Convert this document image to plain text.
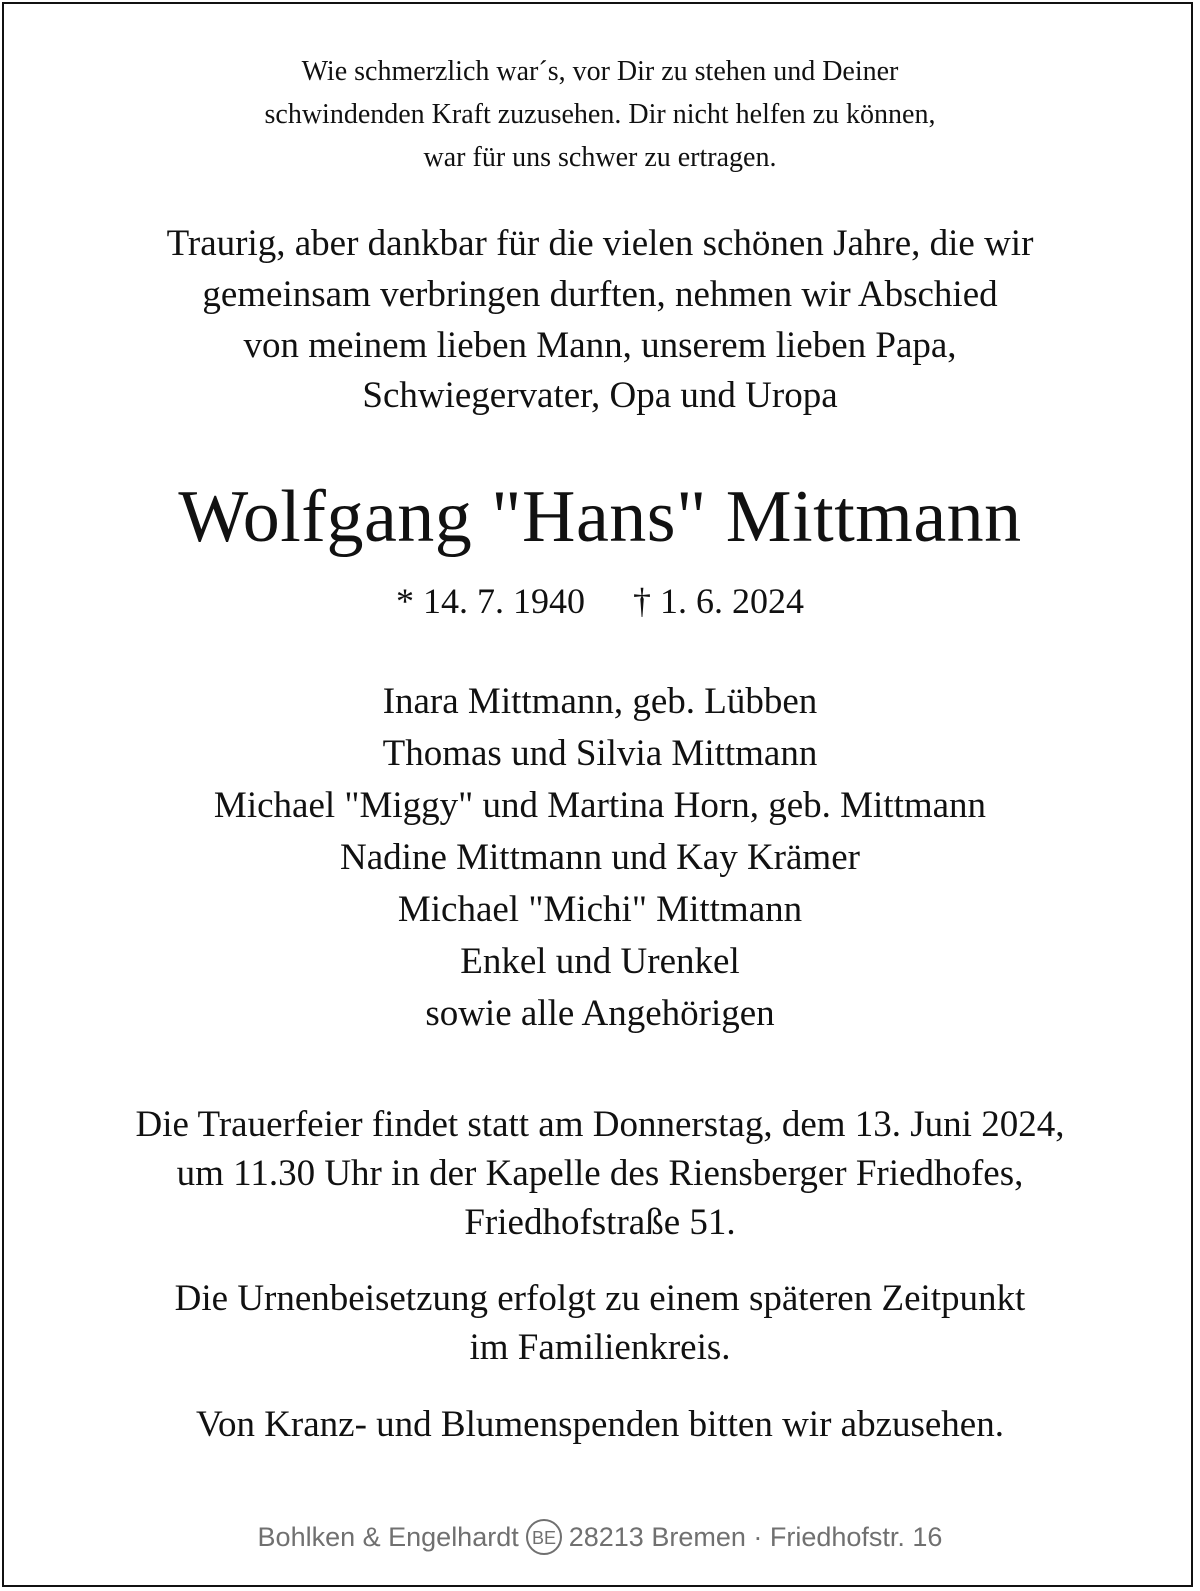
Wie schmerzlich war´s, vor Dir zu stehen und Deiner
schwindenden Kraft zuzusehen. Dir nicht helfen zu können,
war für uns schwer zu ertragen.
Traurig, aber dankbar für die vielen schönen Jahre, die wir
gemeinsam verbringen durften, nehmen wir Abschied
von meinem lieben Mann, unserem lieben Papa,
Schwiegervater, Opa und Uropa
Wolfgang "Hans" Mittmann
* 14. 7. 1940 † 1. 6. 2024
Inara Mittmann, geb. Lübben
Thomas und Silvia Mittmann
Michael "Miggy" und Martina Horn, geb. Mittmann
Nadine Mittmann und Kay Krämer
Michael "Michi" Mittmann
Enkel und Urenkel
sowie alle Angehörigen
Die Trauerfeier findet statt am Donnerstag, dem 13. Juni 2024,
um 11.30 Uhr in der Kapelle des Riensberger Friedhofes,
Friedhofstraße 51.
Die Urnenbeisetzung erfolgt zu einem späteren Zeitpunkt
im Familienkreis.
Von Kranz- und Blumenspenden bitten wir abzusehen.
Bohlken & Engelhardt BE 28213 Bremen · Friedhofstr. 16
